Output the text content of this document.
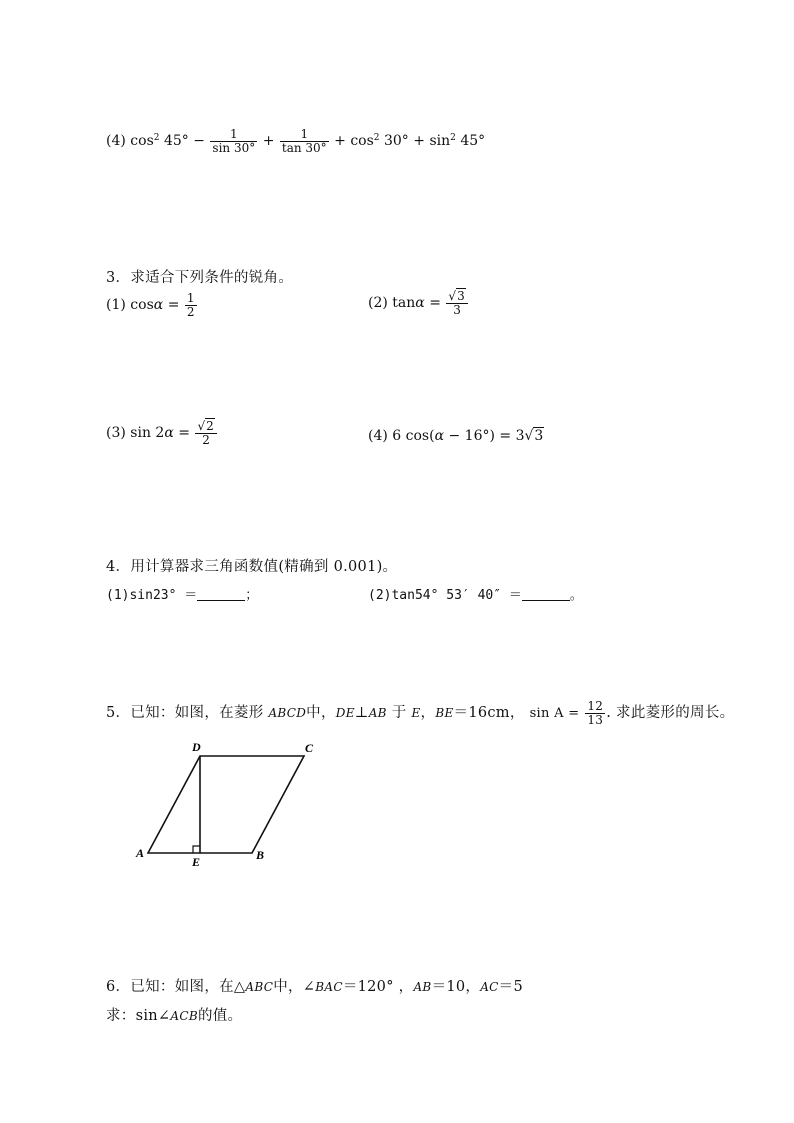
(4) $\cos^2 45^\circ - \frac{1}{\sin 30^\circ} + \frac{1}{\tan 30^\circ} + \cos^2 30^\circ + \sin^2 45^\circ$
3．求适合下列条件的锐角。
(1) $\cos\alpha = \frac{1}{2}$	(2) $\tan\alpha = \frac{√3}{3}$
(3) $\sin 2\alpha = \frac{√2}{2}$	(4) 6 cos(α − 16°) = 3√3
4．用计算器求三角函数值(精确到 0.001)。
(1)sin23° ＝	；	(2)tan54° 53′ 40″ ＝	。
5．已知：如图，在菱形 ABCD中，DE⊥AB 于 E，BE＝16cm， $\sin A = \frac{12}{13}$ . 求此菱形的周长。
A	B
C
D
E
6．已知：如图，在△ABC中，∠BAC＝120° ，AB＝10，AC＝5
求：sin∠ACB的值。
